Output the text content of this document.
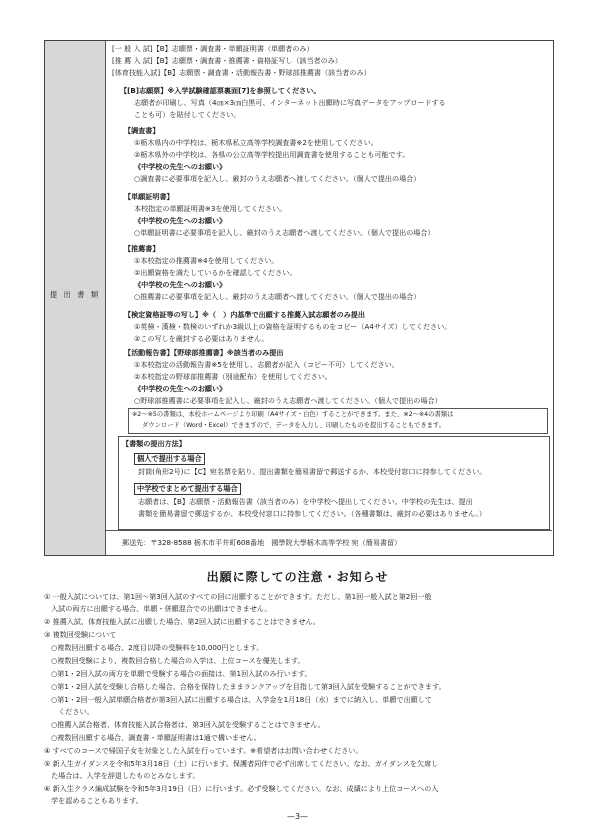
提 出 書 類
[一 般 入 試]【B】志願票・調査書・単願証明書（単願者のみ）
[推 薦 入 試]【B】志願票・調査書・推薦書・資格証写し（該当者のみ）
[体育技能入試]【B】志願票・調査書・活動報告書・野球部推薦書（該当者のみ）
【[B]志願票】※入学試験確認票裏面[7]を参照してください。
志願者が印刷し、写真（4㎝×3㎝白黒可、インターネット出願時に写真データをアップロードする
ことも可）を貼付してください。
【調査書】
①栃木県内の中学校は、栃木県私立高等学校調査書※2を使用してください。
②栃木県外の中学校は、各県の公立高等学校提出用調査書を使用することも可能です。
《中学校の先生へのお願い》
○調査書に必要事項を記入し、厳封のうえ志願者へ渡してください。（個人で提出の場合）
【単願証明書】
本校指定の単願証明書※3を使用してください。
《中学校の先生へのお願い》
○単願証明書に必要事項を記入し、厳封のうえ志願者へ渡してください。（個人で提出の場合）
【推薦書】
①本校指定の推薦書※4を使用してください。
②出願資格を満たしているかを確認してください。
《中学校の先生へのお願い》
○推薦書に必要事項を記入し、厳封のうえ志願者へ渡してください。（個人で提出の場合）
【検定資格証等の写し】※（　）内基準で出願する推薦入試志願者のみ提出
①英検・漢検・数検のいずれか3級以上の資格を証明するものをコピー（A4サイズ）してください。
②この写しを厳封する必要はありません。
【活動報告書】【野球部推薦書】※該当者のみ提出
①本校指定の活動報告書※5を使用し、志願者が記入（コピー不可）してください。
②本校指定の野球部推薦書（別途配布）を使用してください。
《中学校の先生へのお願い》
○野球部推薦書に必要事項を記入し、厳封のうえ志願者へ渡してください。（個人で提出の場合）
※2〜※5の書類は、本校ホームページより印刷（A4サイズ・白色）することができます。また、※2〜※4の書類は
ダウンロード（Word・Excel）できますので、データを入力し、印刷したものを提出することもできます。
【書類の提出方法】
個人で提出する場合
封筒(角形2号)に【C】宛名票を貼り、提出書類を簡易書留で郵送するか、本校受付窓口に持参してください。
中学校でまとめて提出する場合
志願者は、【B】志願票・活動報告書（該当者のみ）を中学校へ提出してください。中学校の先生は、提出
書類を簡易書留で郵送するか、本校受付窓口に持参してください。（各種書類は、厳封の必要はありません。）
郵送先：〒328-8588 栃木市平井町608番地　國學院大學栃木高等学校 宛（簡易書留）
出願に際しての注意・お知らせ
① 一般入試については、第1回〜第3回入試のすべての回に出願することができます。ただし、第1回一般入試と第2回一般
　入試の両方に出願する場合、単願・併願混合での出願はできません。
② 推薦入試、体育技能入試に出願した場合、第2回入試に出願することはできません。
③ 複数回受験について
　○複数回出願する場合、2度目以降の受験料を10,000円とします。
　○複数回受験により、複数回合格した場合の入学は、上位コースを優先します。
　○第1・2回入試の両方を単願で受験する場合の面接は、第1回入試のみ行います。
　○第1・2回入試を受験し合格した場合、合格を保持したままランクアップを目指して第3回入試を受験することができます。
　○第1・2回一般入試単願合格者が第3回入試に出願する場合は、入学金を1月18日（水）までに納入し、単願で出願して
　　ください。
　○推薦入試合格者、体育技能入試合格者は、第3回入試を受験することはできません。
　○複数回出願する場合、調査書・単願証明書は1通で構いません。
④ すべてのコースで帰国子女を対象とした入試を行っています。※希望者はお問い合わせください。
⑤ 新入生ガイダンスを令和5年3月18日（土）に行います。保護者同伴で必ず出席してください。なお、ガイダンスを欠席し
　た場合は、入学を辞退したものとみなします。
⑥ 新入生クラス編成試験を令和5年3月19日（日）に行います。必ず受験してください。なお、成績により上位コースへの入
　学を認めることもあります。
—3—
